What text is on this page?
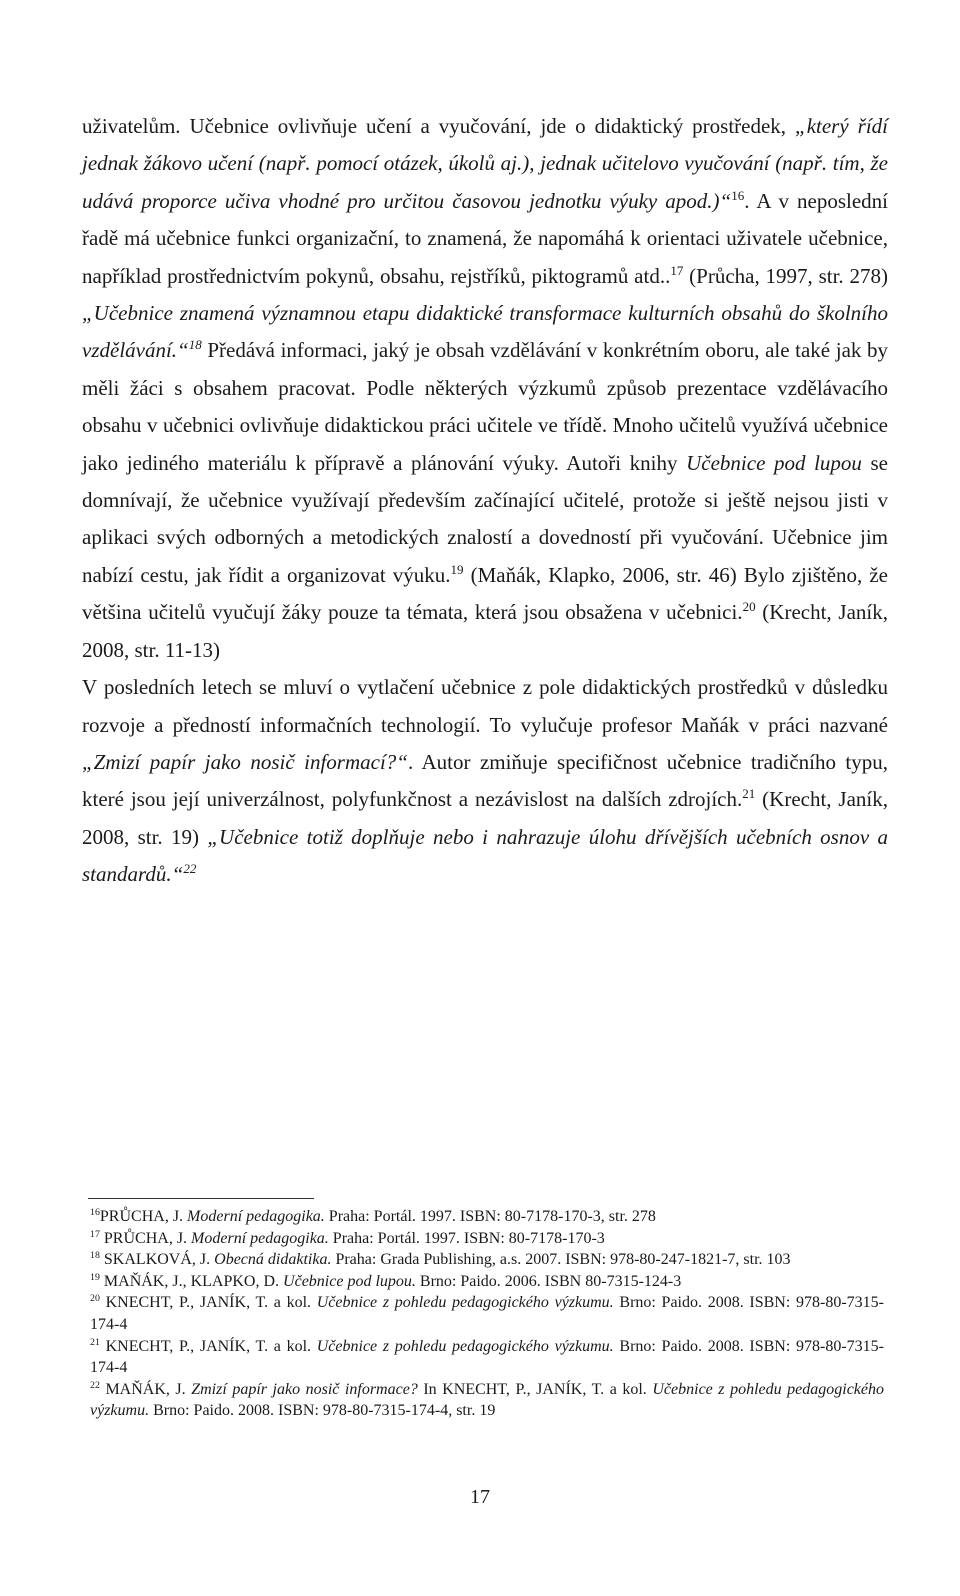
uživatelům. Učebnice ovlivňuje učení a vyučování, jde o didaktický prostředek, „který řídí jednak žákovo učení (např. pomocí otázek, úkolů aj.), jednak učitelovo vyučování (např. tím, že udává proporce učiva vhodné pro určitou časovou jednotku výuky apod.)“$^{16}$. A v neposlední řadě má učebnice funkci organizační, to znamená, že napomáhá k orientaci uživatele učebnice, například prostřednictvím pokynů, obsahu, rejstříků, piktogramů atd..$^{17}$ (Průcha, 1997, str. 278) „Učebnice znamená významnou etapu didaktické transformace kulturních obsahů do školního vzdělávání.“$^{18}$ Předává informaci, jaký je obsah vzdělávání v konkrétním oboru, ale také jak by měli žáci s obsahem pracovat. Podle některých výzkumů způsob prezentace vzdělávacího obsahu v učebnici ovlivňuje didaktickou práci učitele ve třídě. Mnoho učitelů využívá učebnice jako jediného materiálu k přípravě a plánování výuky. Autoři knihy Učebnice pod lupou se domnívají, že učebnice využívají především začínající učitelé, protože si ještě nejsou jisti v aplikaci svých odborných a metodických znalostí a dovedností při vyučování. Učebnice jim nabízí cestu, jak řídit a organizovat výuku.$^{19}$ (Maňák, Klapko, 2006, str. 46) Bylo zjištěno, že většina učitelů vyučují žáky pouze ta témata, která jsou obsažena v učebnici.$^{20}$ (Krecht, Janík, 2008, str. 11-13)

V posledních letech se mluví o vytlačení učebnice z pole didaktických prostředků v důsledku rozvoje a předností informačních technologií. To vylučuje profesor Maňák v práci nazvané „Zmizí papír jako nosič informací?“. Autor zmiňuje specifičnost učebnice tradičního typu, které jsou její univerzálnost, polyfunkčnost a nezávislost na dalších zdrojích.$^{21}$ (Krecht, Janík, 2008, str. 19) „Učebnice totiž doplňuje nebo i nahrazuje úlohu dřívějších učebních osnov a standardů.“$^{22}$

$^{16}$PRŮCHA, J. Moderní pedagogika. Praha: Portál. 1997. ISBN: 80-7178-170-3, str. 278
$^{17}$ PRŮCHA, J. Moderní pedagogika. Praha: Portál. 1997. ISBN: 80-7178-170-3
$^{18}$ SKALKOVÁ, J. Obecná didaktika. Praha: Grada Publishing, a.s. 2007. ISBN: 978-80-247-1821-7, str. 103
$^{19}$ MAŇÁK, J., KLAPKO, D. Učebnice pod lupou. Brno: Paido. 2006. ISBN 80-7315-124-3
$^{20}$ KNECHT, P., JANÍK, T. a kol. Učebnice z pohledu pedagogického výzkumu. Brno: Paido. 2008. ISBN: 978-80-7315-174-4
$^{21}$ KNECHT, P., JANÍK, T. a kol. Učebnice z pohledu pedagogického výzkumu. Brno: Paido. 2008. ISBN: 978-80-7315-174-4
$^{22}$ MAŇÁK, J. Zmizí papír jako nosič informace? In KNECHT, P., JANÍK, T. a kol. Učebnice z pohledu pedagogického výzkumu. Brno: Paido. 2008. ISBN: 978-80-7315-174-4, str. 19
17
